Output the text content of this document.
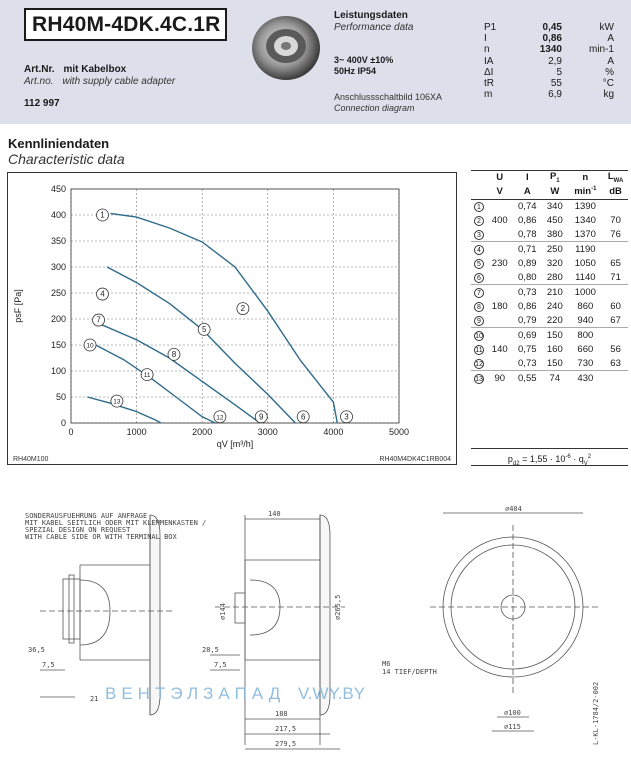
RH40M-4DK.4C.1R
Art.Nr. mit Kabelbox
Art.no. with supply cable adapter
112 997
Leistungsdaten
Performance data
3~ 400V ±10%
50Hz IP54
Anschlussschaltbild 106XA
Connection diagram
P1	0,45	kW
I	0,86	A
n	1340	min-1
IA	2,9	A
ΔI	5	%
tR	55	°C
m	6,9	kg
Kennliniendaten
Characteristic data
0
50
100
150
200
250
300
350
400
450
0	1000	2000	3000	4000	5000
1
2
3
4
5
6
7
8
9
10
11
12
13
qV [m³/h]
psF [Pa]
RH40M100	RH40M4DK4C1RB004
	U	I	$P_1$	n	$L_{WA}$
	V	A	W	$\min^{-1}$	dB
1		0,74	340	1390	
2	400	0,86	450	1340	70
3		0,78	380	1370	76
4		0,71	250	1190	
5	230	0,89	320	1050	65
6		0,80	280	1140	71
7		0,73	210	1000	
8	180	0,86	240	860	60
9		0,79	220	940	67
10		0,69	150	800	
11	140	0,75	160	660	56
12		0,73	150	730	63
13	90	0,55	74	430	
$p_{d2} = 1,55 \cdot 10^{-6} \cdot q_V^2$
SONDERAUSFUEHRUNG AUF ANFRAGE
MIT KABEL SEITLICH ODER MIT KLEMMENKASTEN /
SPEZIAL DESIGN ON REQUEST
WITH CABLE SIDE OR WITH TERMINAL BOX
140
⌀144	⌀265,5
36,5
7,5
28,5
7,5
21
188
217,5
279,5
⌀404
M6
14 TIEF/DEPTH
⌀100
⌀115	L-KL-1784/2-002
ВЕНТЭЛЗАПАД V.WY.BY
